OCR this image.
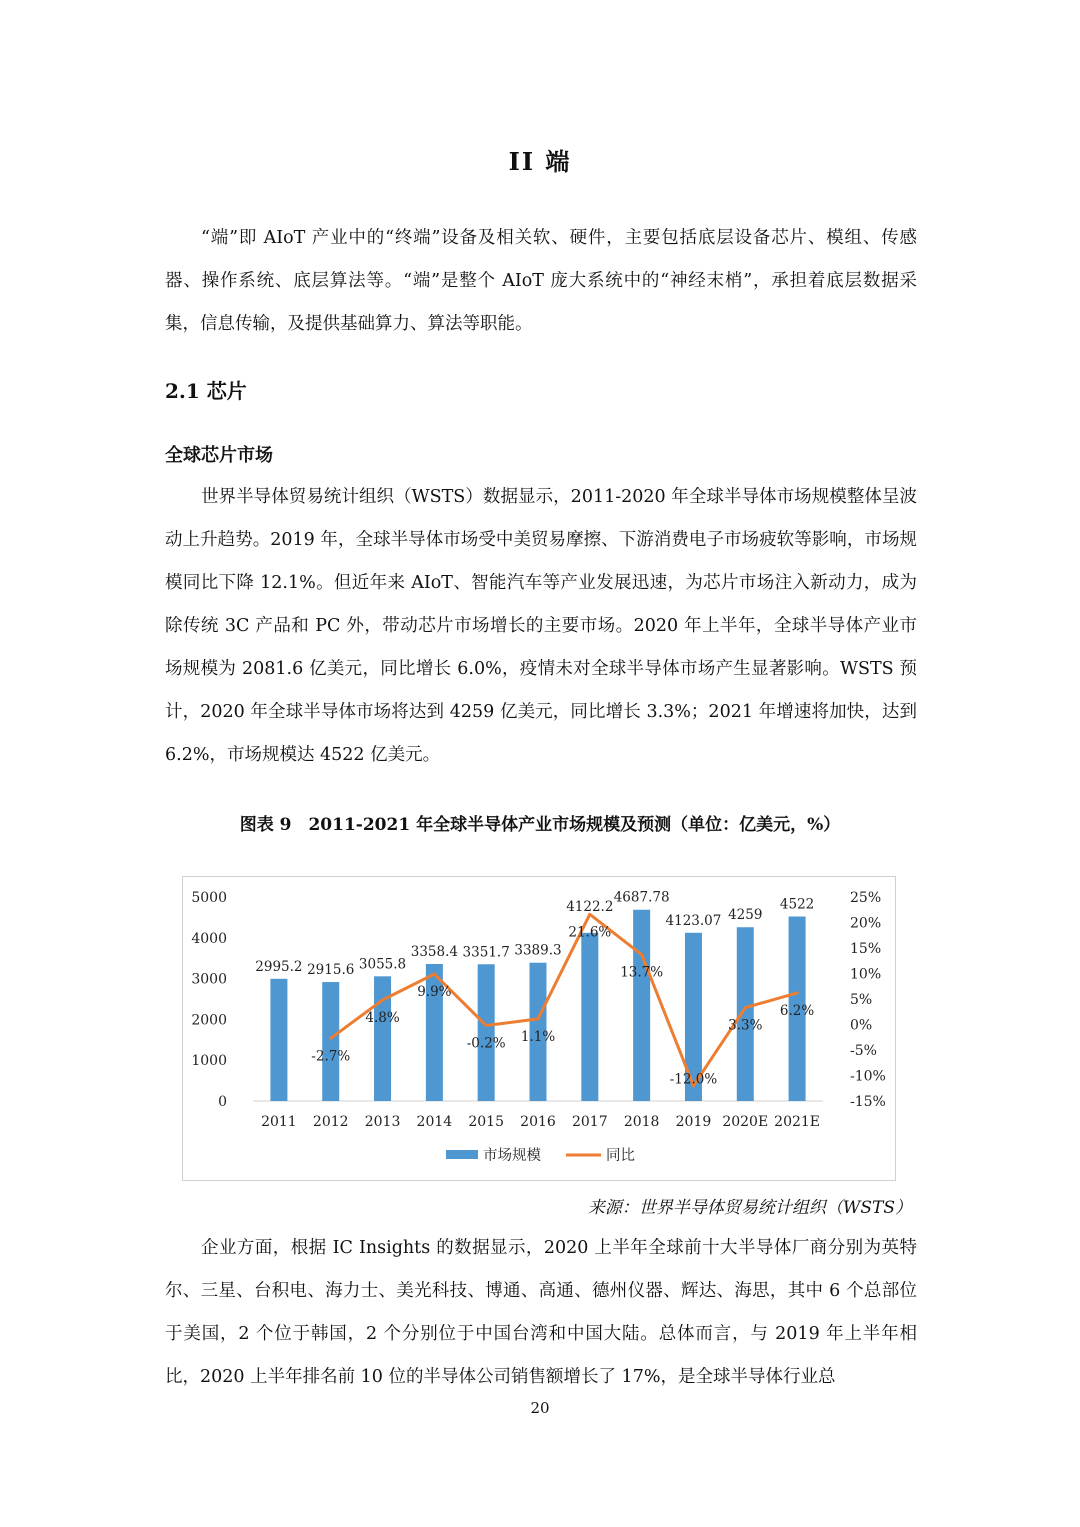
II 端

“端”即 AIoT 产业中的“终端”设备及相关软、硬件，主要包括底层设备芯片、模组、传感器、操作系统、底层算法等。“端”是整个 AIoT 庞大系统中的“神经末梢”，承担着底层数据采集，信息传输，及提供基础算力、算法等职能。

2.1 芯片
全球芯片市场

世界半导体贸易统计组织（WSTS）数据显示，2011-2020 年全球半导体市场规模整体呈波动上升趋势。2019 年，全球半导体市场受中美贸易摩擦、下游消费电子市场疲软等影响，市场规模同比下降 12.1%。但近年来 AIoT、智能汽车等产业发展迅速，为芯片市场注入新动力，成为除传统 3C 产品和 PC 外，带动芯片市场增长的主要市场。2020 年上半年，全球半导体产业市场规模为 2081.6 亿美元，同比增长 6.0%，疫情未对全球半导体市场产生显著影响。WSTS 预计，2020 年全球半导体市场将达到 4259 亿美元，同比增长 3.3%；2021 年增速将加快，达到 6.2%，市场规模达 4522 亿美元。

图表 9　2011-2021 年全球半导体产业市场规模及预测（单位：亿美元，%）
0
1000
2000
3000
4000
5000
-15%
-10%
-5%
0%
5%
10%
15%
20%
25%
2011 2012 2013 2014 2015 2016 2017 2018 2019 2020E 2021E
2995.2 2915.6 3055.8
3358.4 3351.7 3389.3
4122.2
4687.78
4123.07 4259
4522
-2.7%
4.8%
9.9%
-0.2% 1.1%
21.6%
13.7%
-12.0%
3.3%
6.2%
市场规模	同比
来源：世界半导体贸易统计组织（WSTS）

企业方面，根据 IC Insights 的数据显示，2020 上半年全球前十大半导体厂商分别为英特尔、三星、台积电、海力士、美光科技、博通、高通、德州仪器、辉达、海思，其中 6 个总部位于美国，2 个位于韩国，2 个分别位于中国台湾和中国大陆。总体而言，与 2019 年上半年相比，2020 上半年排名前 10 位的半导体公司销售额增长了 17%，是全球半导体行业总

20
